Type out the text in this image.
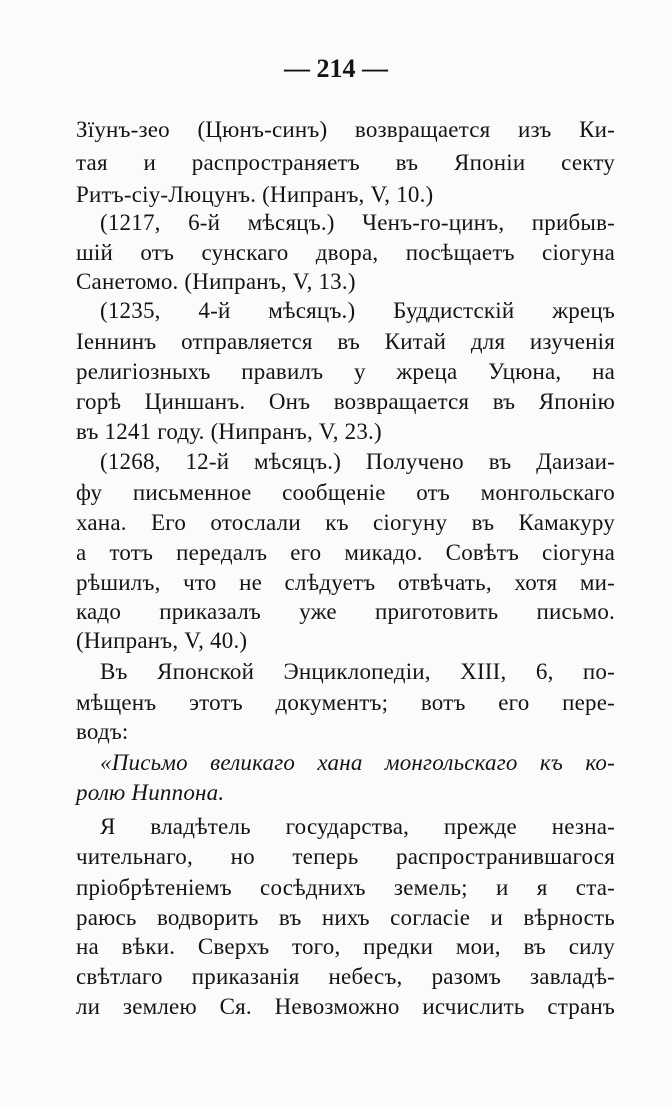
— 214 —
Зїунъ-зео (Цюнъ-синъ) возвращается изъ Ки-
тая и распространяетъ въ Японіи секту
Ритъ-сіу-Люцунъ. (Нипранъ, V, 10.)
(1217, 6-й мѣсяцъ.) Ченъ-го-цинъ, прибыв-
шій отъ сунскаго двора, посѣщаетъ сіогуна
Санетомо. (Нипранъ, V, 13.)
(1235, 4-й мѣсяцъ.) Буддистскій жрецъ
Іеннинъ отправляется въ Китай для изученія
религіозныхъ правилъ у жреца Уцюна, на
горѣ Циншанъ. Онъ возвращается въ Японію
въ 1241 году. (Нипранъ, V, 23.)
(1268, 12-й мѣсяцъ.) Получено въ Даизаи-
фу письменное сообщеніе отъ монгольскаго
хана. Его отослали къ сіогуну въ Камакуру
а тотъ передалъ его микадо. Совѣтъ сіогуна
рѣшилъ, что не слѣдуетъ отвѣчать, хотя ми-
кадо приказалъ уже приготовить письмо.
(Нипранъ, V, 40.)
Въ Японской Энциклопедіи, XIII, 6, по-
мѣщенъ этотъ документъ; вотъ его пере-
водъ:
«Письмо великаго хана монгольскаго къ ко-
ролю Ниппона.
Я владѣтель государства, прежде незна-
чительнаго, но теперь распространившагося
пріобрѣтеніемъ сосѣднихъ земель; и я ста-
раюсь водворить въ нихъ согласіе и вѣрность
на вѣки. Сверхъ того, предки мои, въ силу
свѣтлаго приказанія небесъ, разомъ завладѣ-
ли землею Ся. Невозможно исчислить странъ
